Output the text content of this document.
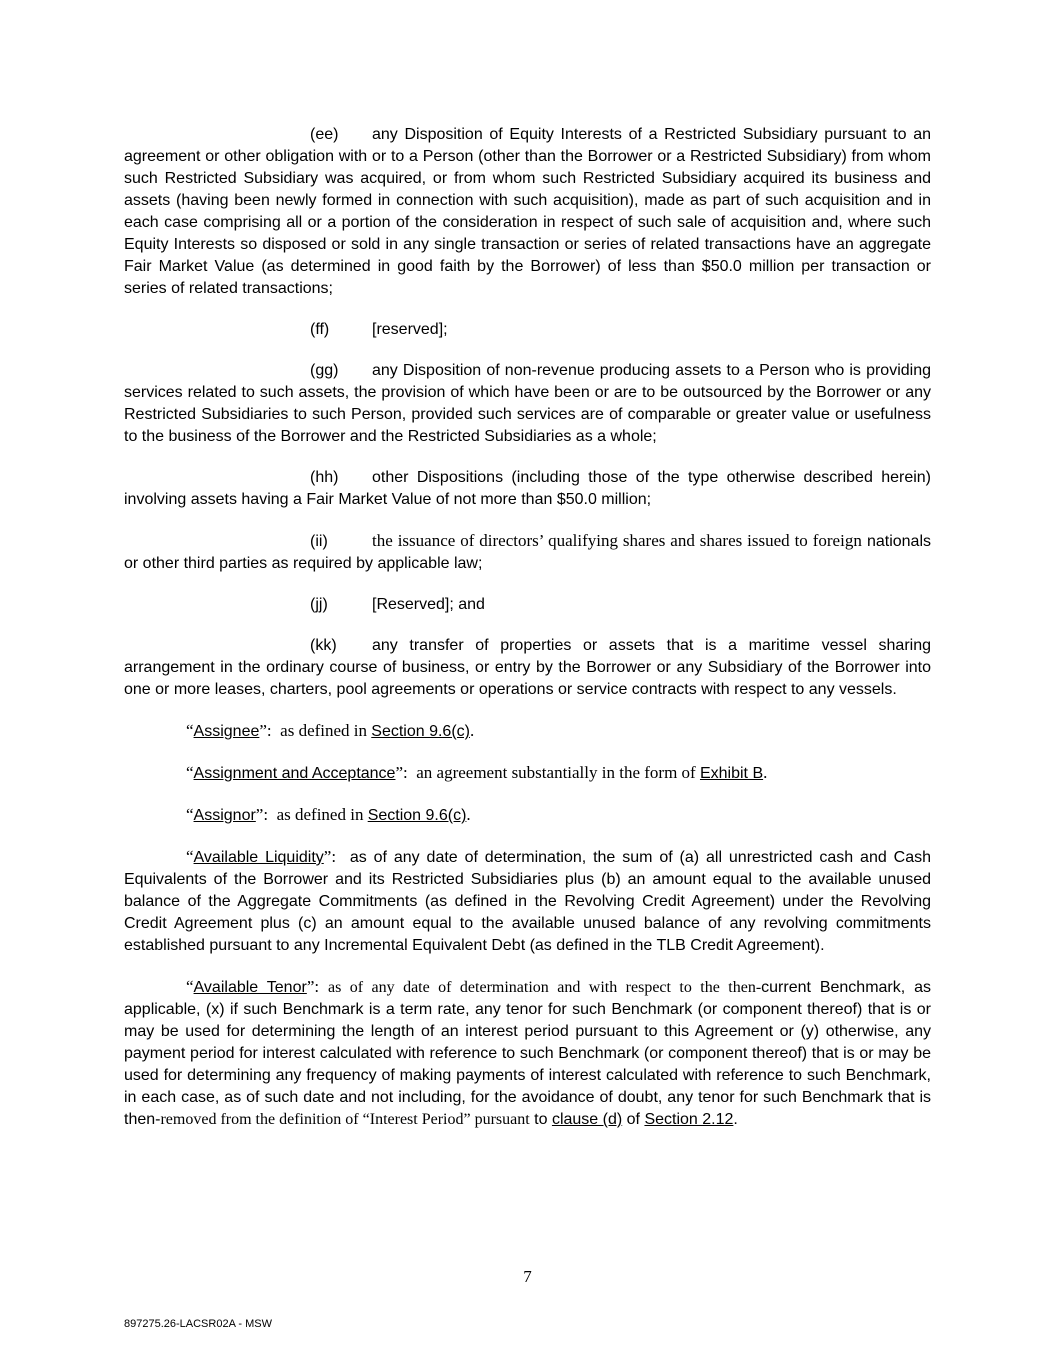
(ee) any Disposition of Equity Interests of a Restricted Subsidiary pursuant to an agreement or other obligation with or to a Person (other than the Borrower or a Restricted Subsidiary) from whom such Restricted Subsidiary was acquired, or from whom such Restricted Subsidiary acquired its business and assets (having been newly formed in connection with such acquisition), made as part of such acquisition and in each case comprising all or a portion of the consideration in respect of such sale of acquisition and, where such Equity Interests so disposed or sold in any single transaction or series of related transactions have an aggregate Fair Market Value (as determined in good faith by the Borrower) of less than $50.0 million per transaction or series of related transactions;

(ff)	[reserved];

(gg) any Disposition of non-revenue producing assets to a Person who is providing services related to such assets, the provision of which have been or are to be outsourced by the Borrower or any Restricted Subsidiaries to such Person, provided such services are of comparable or greater value or usefulness to the business of the Borrower and the Restricted Subsidiaries as a whole;

(hh) other Dispositions (including those of the type otherwise described herein) involving assets having a Fair Market Value of not more than $50.0 million;

(ii)	the issuance of directors’ qualifying shares and shares issued to foreign nationals or other third parties as required by applicable law;

(jj)	[Reserved]; and

(kk) any transfer of properties or assets that is a maritime vessel sharing arrangement in the ordinary course of business, or entry by the Borrower or any Subsidiary of the Borrower into one or more leases, charters, pool agreements or operations or service contracts with respect to any vessels.

“Assignee”: as defined in Section 9.6(c).

“Assignment and Acceptance”: an agreement substantially in the form of Exhibit B.

“Assignor”: as defined in Section 9.6(c).

“Available Liquidity”: as of any date of determination, the sum of (a) all unrestricted cash and Cash Equivalents of the Borrower and its Restricted Subsidiaries plus (b) an amount equal to the available unused balance of the Aggregate Commitments (as defined in the Revolving Credit Agreement) under the Revolving Credit Agreement plus (c) an amount equal to the available unused balance of any revolving commitments established pursuant to any Incremental Equivalent Debt (as defined in the TLB Credit Agreement).

“Available Tenor”: as of any date of determination and with respect to the then-current Benchmark, as applicable, (x) if such Benchmark is a term rate, any tenor for such Benchmark (or component thereof) that is or may be used for determining the length of an interest period pursuant to this Agreement or (y) otherwise, any payment period for interest calculated with reference to such Benchmark (or component thereof) that is or may be used for determining any frequency of making payments of interest calculated with reference to such Benchmark, in each case, as of such date and not including, for the avoidance of doubt, any tenor for such Benchmark that is then-removed from the definition of “Interest Period” pursuant to clause (d) of Section 2.12.

7
897275.26-LACSR02A - MSW
